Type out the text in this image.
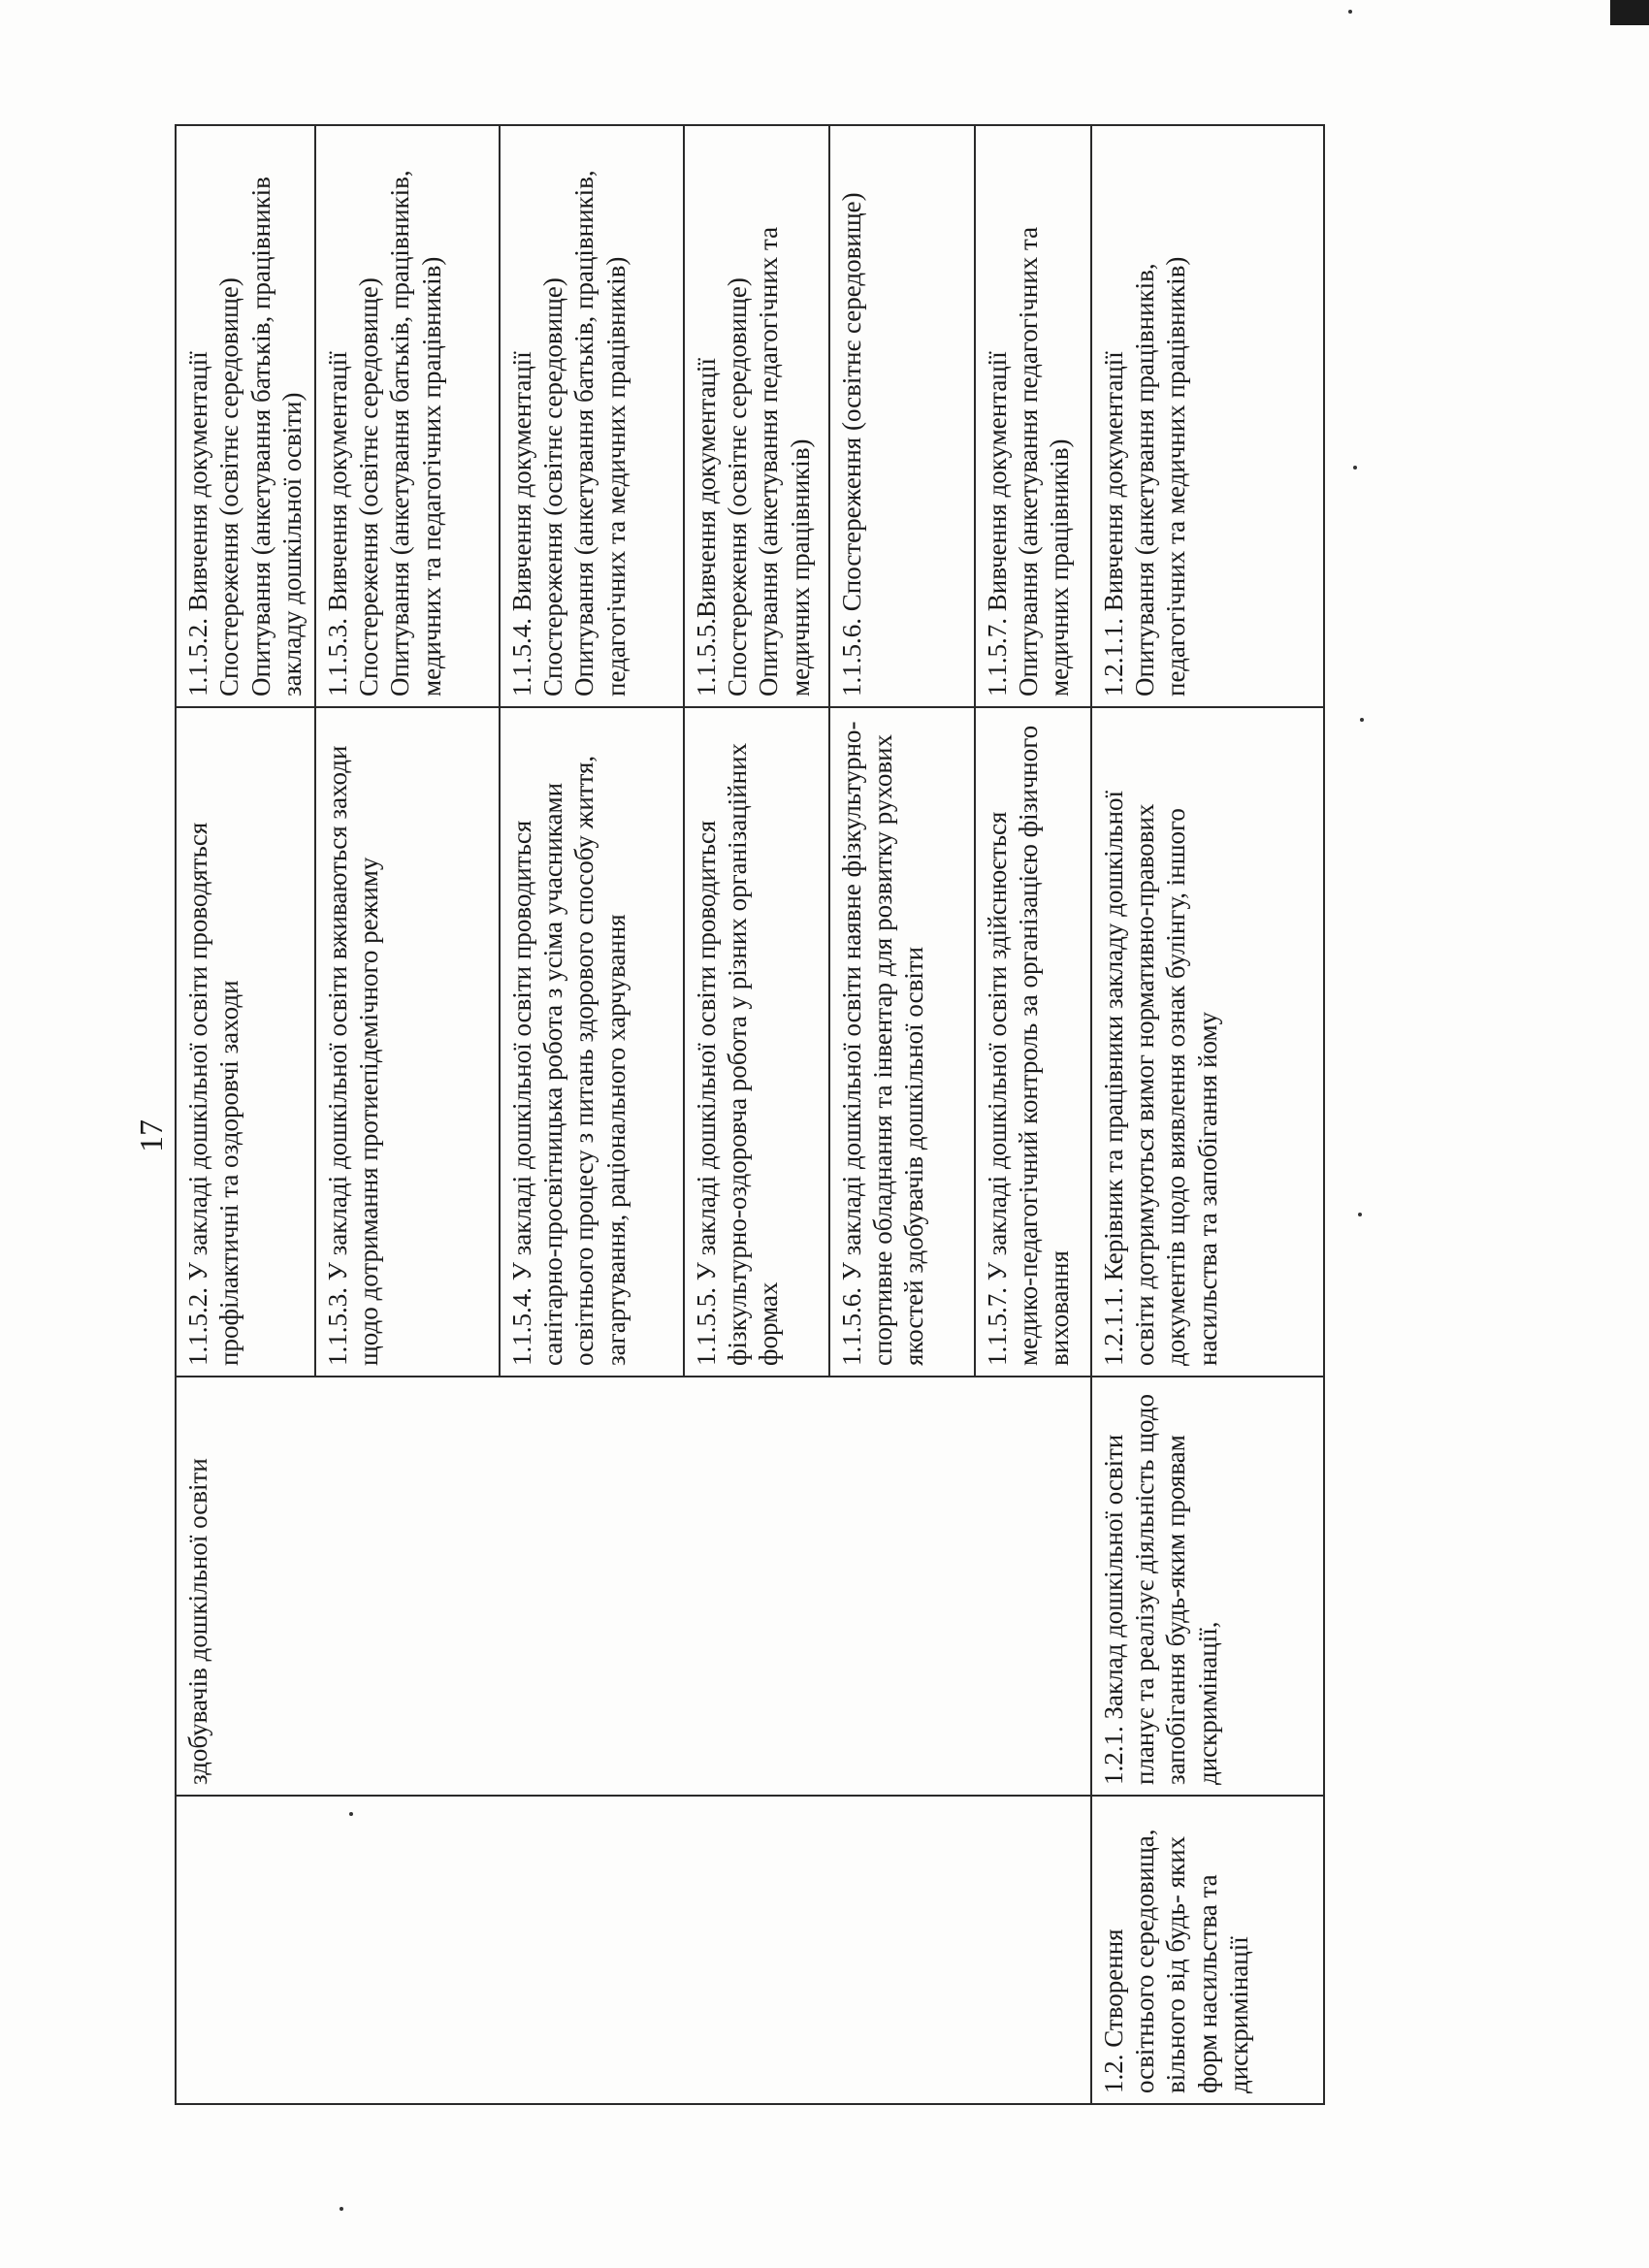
17
	здобувачів дошкільної освіти	1.1.5.2. У закладі дошкільної освіти проводяться профілактичні та оздоровчі заходи	1.1.5.2. Вивчення документації Спостереження (освітнє середовище) Опитування (анкетування батьків, працівників закладу дошкільної освіти)

		1.1.5.3. У закладі дошкільної освіти вживаються заходи щодо дотримання протиепідемічного режиму	1.1.5.3. Вивчення документації Спостереження (освітнє середовище) Опитування (анкетування батьків, працівників, медичних та педагогічних працівників)

		1.1.5.4. У закладі дошкільної освіти проводиться санітарно-просвітницька робота з усіма учасниками освітнього процесу з питань здорового способу життя, загартування, раціонального харчування	1.1.5.4. Вивчення документації Спостереження (освітнє середовище) Опитування (анкетування батьків, працівників, педагогічних та медичних працівників)

		1.1.5.5. У закладі дошкільної освіти проводиться фізкультурно-оздоровча робота у різних організаційних формах	1.1.5.5.Вивчення документації Спостереження (освітнє середовище) Опитування (анкетування педагогічних та медичних працівників)

		1.1.5.6. У закладі дошкільної освіти наявне фізкультурно-спортивне обладнання та інвентар для розвитку рухових якостей здобувачів дошкільної освіти	1.1.5.6. Спостереження (освітнє середовище)

		1.1.5.7. У закладі дошкільної освіти здійснюється медико-педагогічний контроль за організацією фізичного виховання	1.1.5.7. Вивчення документації Опитування (анкетування педагогічних та медичних працівників)

1.2. Створення освітнього середовища, вільного від будь- яких форм насильства та дискримінації	1.2.1. Заклад дошкільної освіти планує та реалізує діяльність щодо запобігання будь-яким проявам дискримінації,	1.2.1.1. Керівник та працівники закладу дошкільної освіти дотримуються вимог нормативно-правових документів щодо виявлення ознак булінгу, іншого насильства та запобігання йому	1.2.1.1. Вивчення документації Опитування (анкетування працівників, педагогічних та медичних працівників)
